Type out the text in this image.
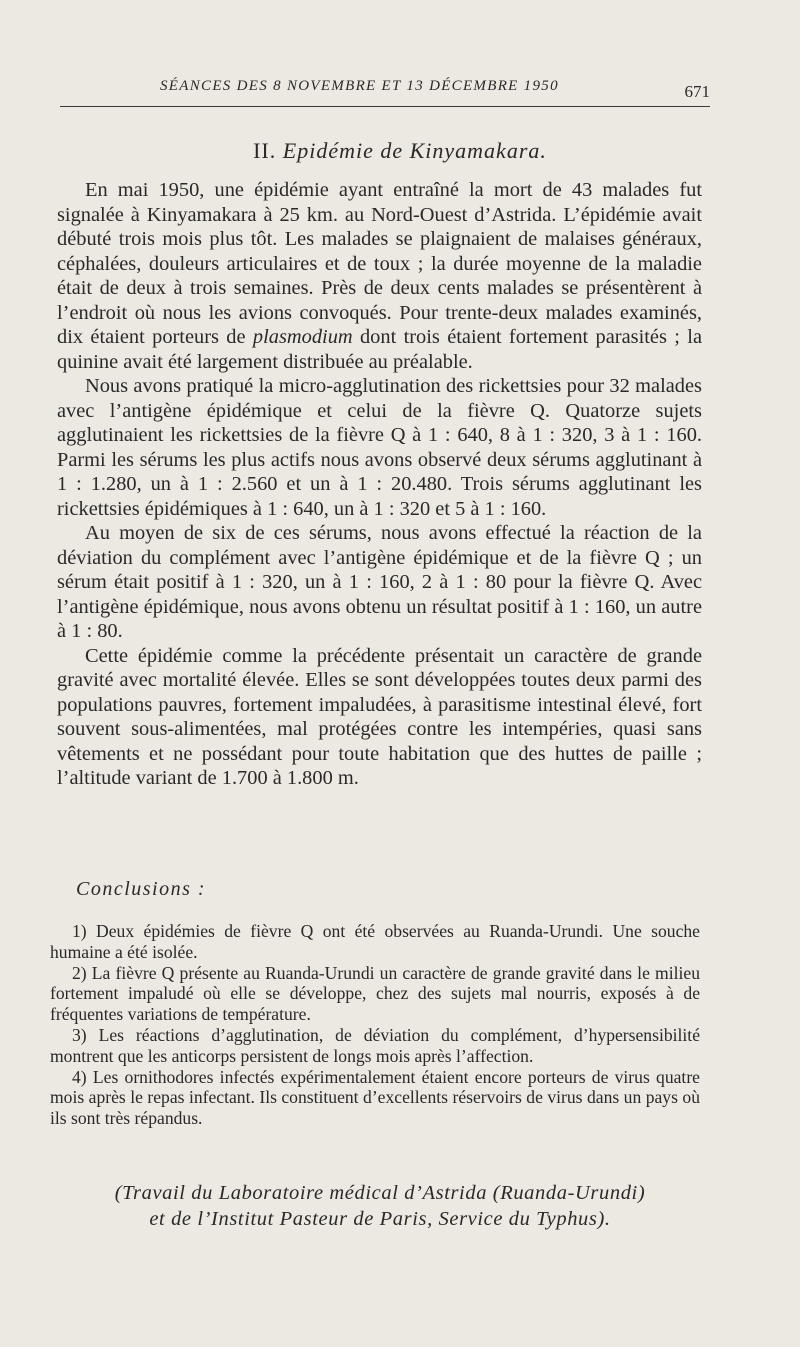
SÉANCES DES 8 NOVEMBRE ET 13 DÉCEMBRE 1950	671
II. Epidémie de Kinyamakara.

En mai 1950, une épidémie ayant entraîné la mort de 43 malades fut signalée à Kinyamakara à 25 km. au Nord-Ouest d’Astrida. L’épidémie avait débuté trois mois plus tôt. Les malades se plaignaient de malaises généraux, céphalées, douleurs articulaires et de toux ; la durée moyenne de la maladie était de deux à trois semaines. Près de deux cents malades se présentèrent à l’endroit où nous les avions convoqués. Pour trente-deux malades examinés, dix étaient porteurs de plasmodium dont trois étaient fortement parasités ; la quinine avait été largement distribuée au préalable.

Nous avons pratiqué la micro-agglutination des rickettsies pour 32 malades avec l’antigène épidémique et celui de la fièvre Q. Quatorze sujets agglutinaient les rickettsies de la fièvre Q à 1 : 640, 8 à 1 : 320, 3 à 1 : 160. Parmi les sérums les plus actifs nous avons observé deux sérums agglutinant à 1 : 1.280, un à 1 : 2.560 et un à 1 : 20.480. Trois sérums agglutinant les rickettsies épidémiques à 1 : 640, un à 1 : 320 et 5 à 1 : 160.

Au moyen de six de ces sérums, nous avons effectué la réaction de la déviation du complément avec l’antigène épidémique et de la fièvre Q ; un sérum était positif à 1 : 320, un à 1 : 160, 2 à 1 : 80 pour la fièvre Q. Avec l’antigène épidémique, nous avons obtenu un résultat positif à 1 : 160, un autre à 1 : 80.

Cette épidémie comme la précédente présentait un caractère de grande gravité avec mortalité élevée. Elles se sont développées toutes deux parmi des populations pauvres, fortement impaludées, à parasitisme intestinal élevé, fort souvent sous-alimentées, mal protégées contre les intempéries, quasi sans vêtements et ne possédant pour toute habitation que des huttes de paille ; l’altitude variant de 1.700 à 1.800 m.

Conclusions :

1) Deux épidémies de fièvre Q ont été observées au Ruanda-Urundi. Une souche humaine a été isolée.

2) La fièvre Q présente au Ruanda-Urundi un caractère de grande gravité dans le milieu fortement impaludé où elle se développe, chez des sujets mal nourris, exposés à de fréquentes variations de température.

3) Les réactions d’agglutination, de déviation du complément, d’hypersensibilité montrent que les anticorps persistent de longs mois après l’affection.

4) Les ornithodores infectés expérimentalement étaient encore porteurs de virus quatre mois après le repas infectant. Ils constituent d’excellents réservoirs de virus dans un pays où ils sont très répandus.

(Travail du Laboratoire médical d’Astrida (Ruanda-Urundi)
et de l’Institut Pasteur de Paris, Service du Typhus).
